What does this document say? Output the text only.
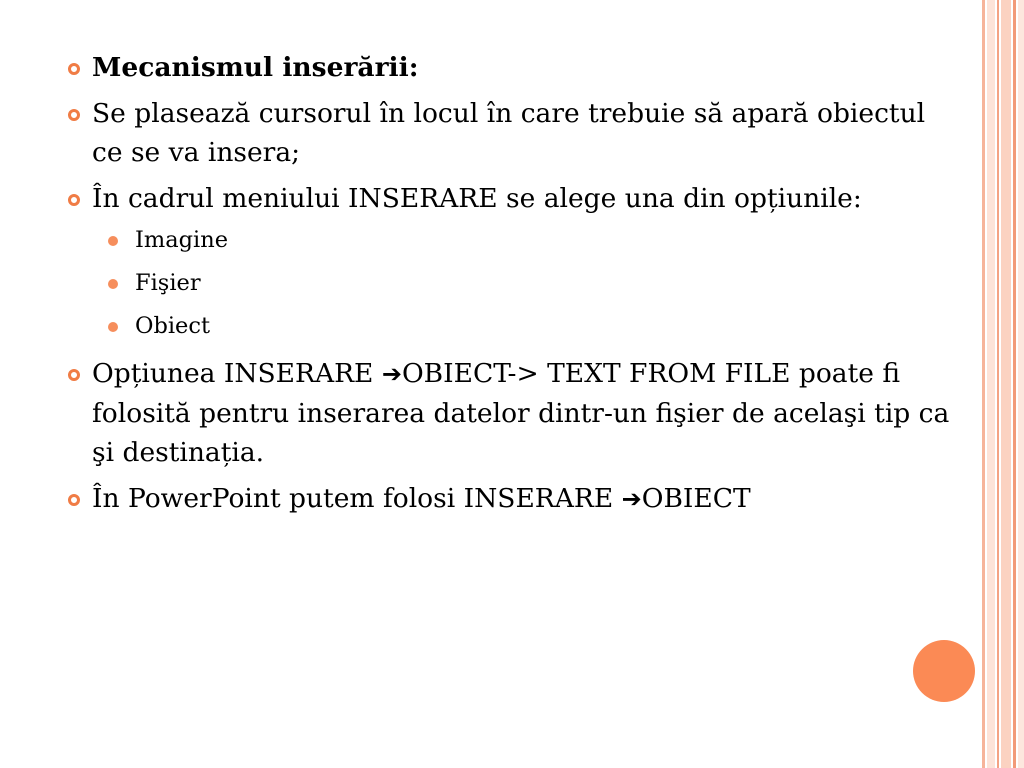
Mecanismul inserării:
Se plasează cursorul în locul în care trebuie să apară obiectul ce se va insera;
În cadrul meniului INSERARE se alege una din opțiunile:
Imagine
Fişier
Obiect
Opțiunea INSERARE ➔OBIECT-> TEXT FROM FILE poate fi folosită pentru inserarea datelor dintr-un fişier de acelaşi tip ca şi destinația.
În PowerPoint putem folosi INSERARE ➔OBIECT
